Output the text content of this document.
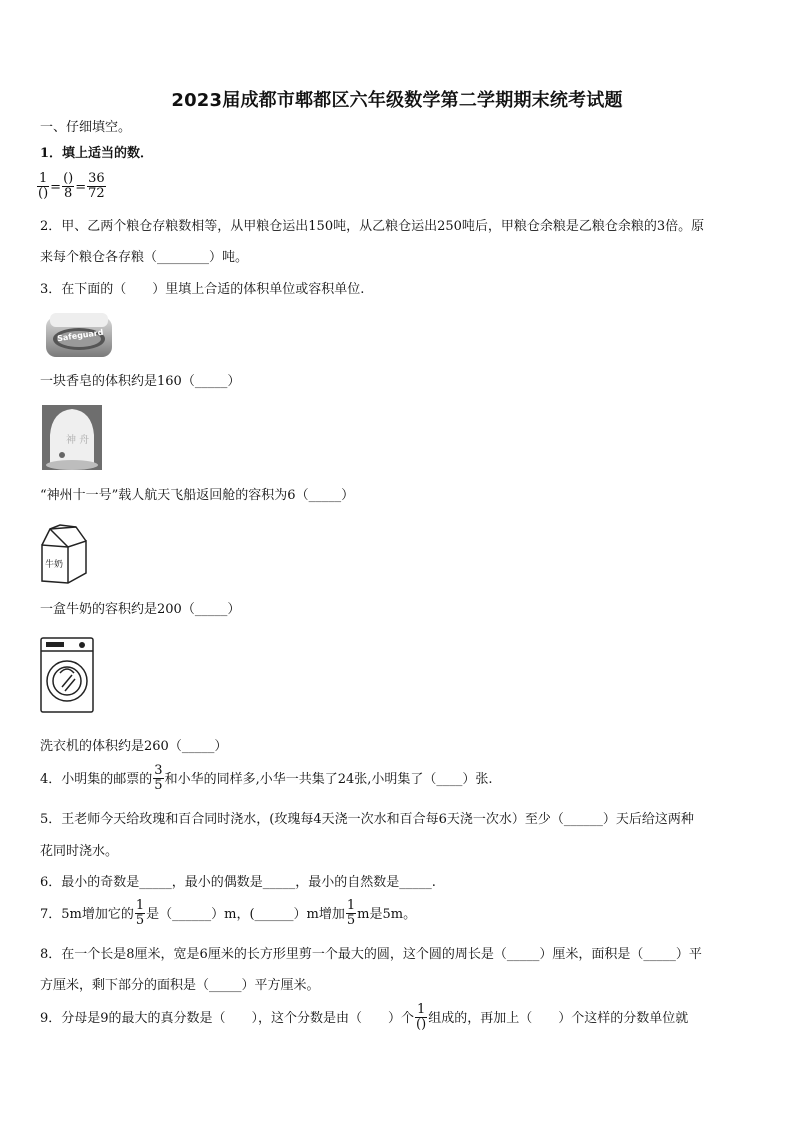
2023届成都市郫都区六年级数学第二学期期末统考试题
一、仔细填空。
1．填上适当的数．
$\frac{1}{()} = \frac{()}{8} = \frac{36}{72}$
2．甲、乙两个粮仓存粮数相等，从甲粮仓运出150吨，从乙粮仓运出250吨后，甲粮仓余粮是乙粮仓余粮的3倍。原
来每个粮仓各存粮（________）吨。
3．在下面的（　　）里填上合适的体积单位或容积单位.
Safeguard
一块香皂的体积约是160（_____）
神 舟
“神州十一号”载人航天飞船返回舱的容积为6（_____）
牛奶
一盒牛奶的容积约是200（_____）
洗衣机的体积约是260（_____）
4．小明集的邮票的 $\frac{3}{5}$ 和小华的同样多,小华一共集了24张,小明集了（____）张.
5．王老师今天给玫瑰和百合同时浇水，(玫瑰每4天浇一次水和百合每6天浇一次水）至少（______）天后给这两种
花同时浇水。
6．最小的奇数是_____，最小的偶数是_____，最小的自然数是_____.
7．5m增加它的 $\frac{1}{5}$ 是（______）m，(______）m增加 $\frac{1}{5}$ m是5m。
8．在一个长是8厘米，宽是6厘米的长方形里剪一个最大的圆，这个圆的周长是（_____）厘米，面积是（_____）平
方厘米，剩下部分的面积是（_____）平方厘米。
9．分母是9的最大的真分数是（　　），这个分数是由（　　）个 $\frac{1}{()}$ 组成的，再加上（　　）个这样的分数单位就
